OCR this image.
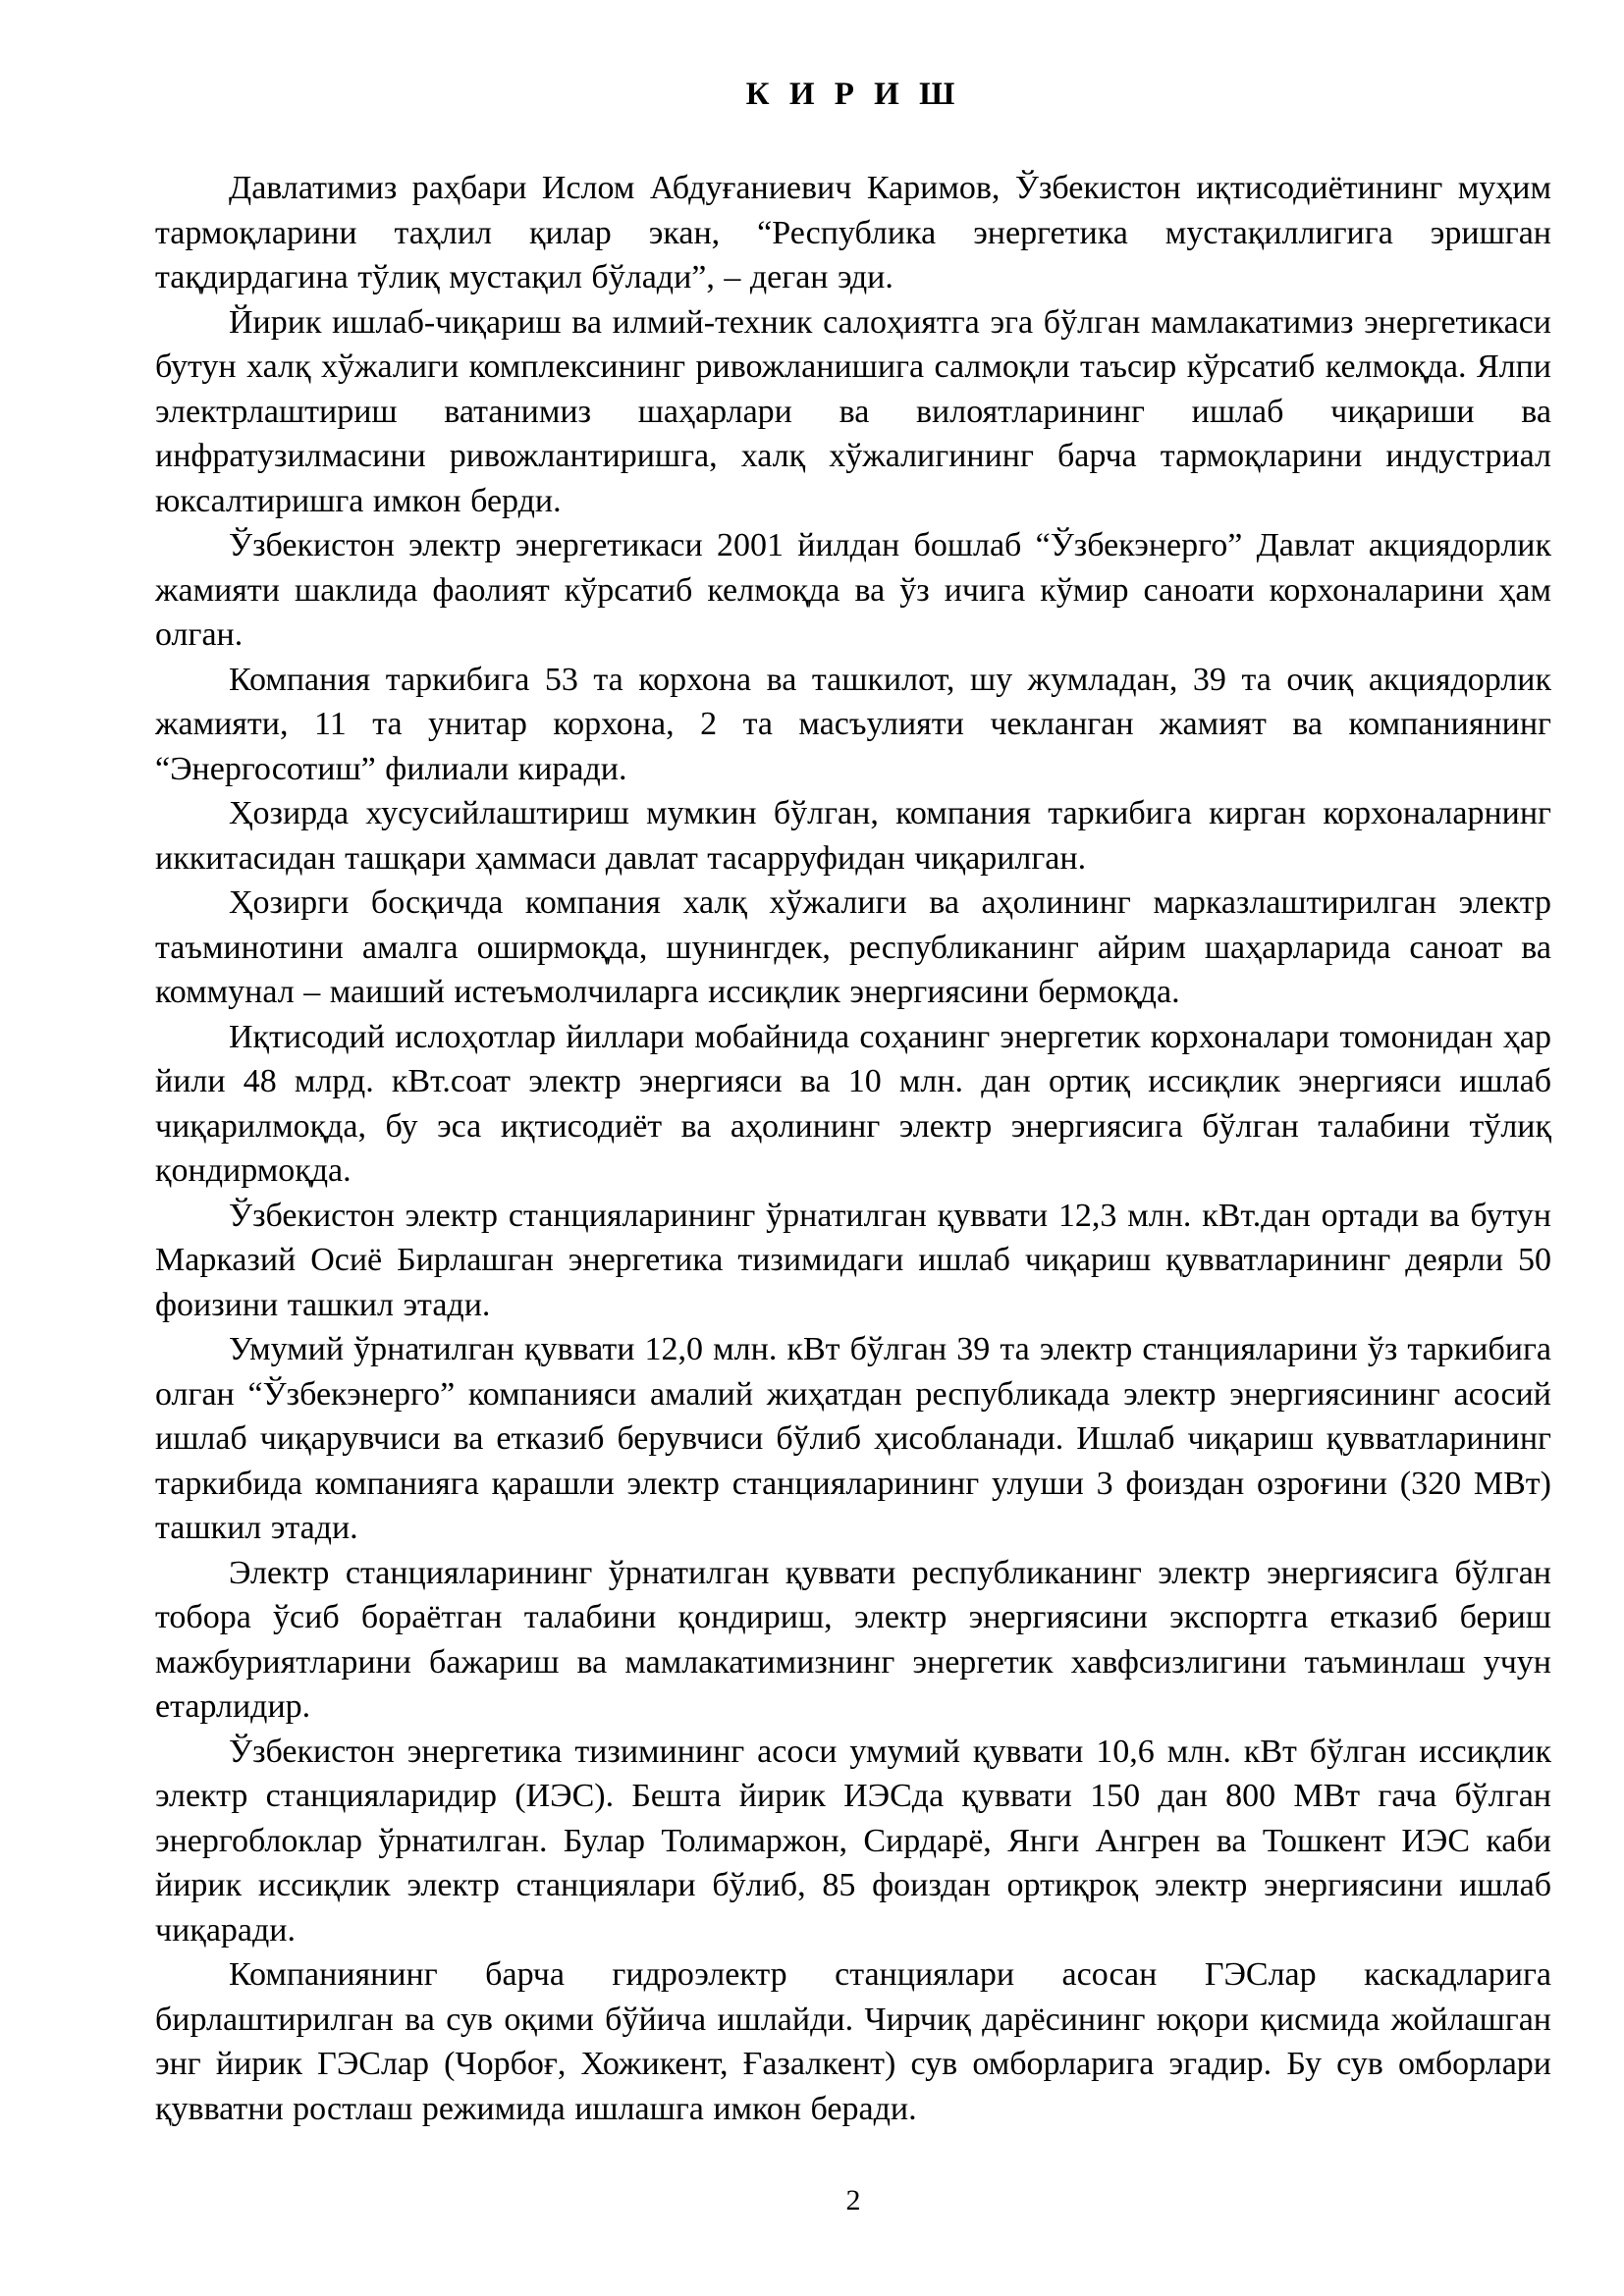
К И Р И Ш

Давлатимиз раҳбари Ислом Абдуғаниевич Каримов, Ўзбекистон иқтисодиётининг муҳим тармоқларини таҳлил қилар экан, “Республика энергетика мустақиллигига эришган тақдирдагина тўлиқ мустақил бўлади”, – деган эди.

Йирик ишлаб-чиқариш ва илмий-техник салоҳиятга эга бўлган мамлакатимиз энергетикаси бутун халқ хўжалиги комплексининг ривожланишига салмоқли таъсир кўрсатиб келмоқда. Ялпи электрлаштириш ватанимиз шаҳарлари ва вилоятларининг ишлаб чиқариши ва инфратузилмасини ривожлантиришга, халқ хўжалигининг барча тармоқларини индустриал юксалтиришга имкон берди.

Ўзбекистон электр энергетикаси 2001 йилдан бошлаб “Ўзбекэнерго” Давлат акциядорлик жамияти шаклида фаолият кўрсатиб келмоқда ва ўз ичига кўмир саноати корхоналарини ҳам олган.

Компания таркибига 53 та корхона ва ташкилот, шу жумладан, 39 та очиқ акциядорлик жамияти, 11 та унитар корхона, 2 та масъулияти чекланган жамият ва компаниянинг “Энергосотиш” филиали киради.

Ҳозирда хусусийлаштириш мумкин бўлган, компания таркибига кирган корхоналарнинг иккитасидан ташқари ҳаммаси давлат тасарруфидан чиқарилган.

Ҳозирги босқичда компания халқ хўжалиги ва аҳолининг марказлаштирилган электр таъминотини амалга оширмоқда, шунингдек, республиканинг айрим шаҳарларида саноат ва коммунал – маиший истеъмолчиларга иссиқлик энергиясини бермоқда.

Иқтисодий ислоҳотлар йиллари мобайнида соҳанинг энергетик корхоналари томонидан ҳар йили 48 млрд. кВт.соат электр энергияси ва 10 млн. дан ортиқ иссиқлик энергияси ишлаб чиқарилмоқда, бу эса иқтисодиёт ва аҳолининг электр энергиясига бўлган талабини тўлиқ қондирмоқда.

Ўзбекистон электр станцияларининг ўрнатилган қуввати 12,3 млн. кВт.дан ортади ва бутун Марказий Осиё Бирлашган энергетика тизимидаги ишлаб чиқариш қувватларининг деярли 50 фоизини ташкил этади.

Умумий ўрнатилган қуввати 12,0 млн. кВт бўлган 39 та электр станцияларини ўз таркибига олган “Ўзбекэнерго” компанияси амалий жиҳатдан республикада электр энергиясининг асосий ишлаб чиқарувчиси ва етказиб берувчиси бўлиб ҳисобланади. Ишлаб чиқариш қувватларининг таркибида компанияга қарашли электр станцияларининг улуши 3 фоиздан озроғини (320 МВт) ташкил этади.

Электр станцияларининг ўрнатилган қуввати республиканинг электр энергиясига бўлган тобора ўсиб бораётган талабини қондириш, электр энергиясини экспортга етказиб бериш мажбуриятларини бажариш ва мамлакатимизнинг энергетик хавфсизлигини таъминлаш учун етарлидир.

Ўзбекистон энергетика тизимининг асоси умумий қуввати 10,6 млн. кВт бўлган иссиқлик электр станцияларидир (ИЭС). Бешта йирик ИЭСда қуввати 150 дан 800 МВт гача бўлган энергоблоклар ўрнатилган. Булар Толимаржон, Сирдарё, Янги Ангрен ва Тошкент ИЭС каби йирик иссиқлик электр станциялари бўлиб, 85 фоиздан ортиқроқ электр энергиясини ишлаб чиқаради.

Компаниянинг барча гидроэлектр станциялари асосан ГЭСлар каскадларига бирлаштирилган ва сув оқими бўйича ишлайди. Чирчиқ дарёсининг юқори қисмида жойлашган энг йирик ГЭСлар (Чорбоғ, Хожикент, Ғазалкент) сув омборларига эгадир. Бу сув омборлари қувватни ростлаш режимида ишлашга имкон беради.

2
